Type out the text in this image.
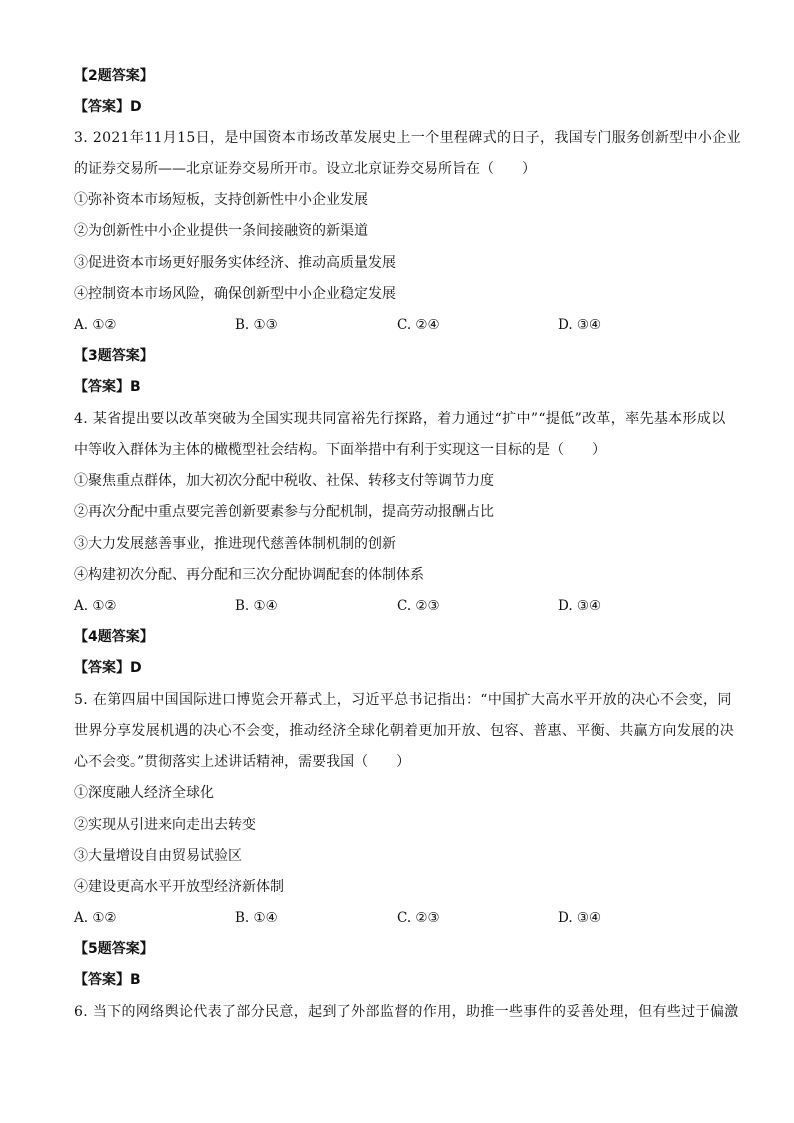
【2题答案】
【答案】D
3. 2021年11月15日，是中国资本市场改革发展史上一个里程碑式的日子，我国专门服务创新型中小企业
的证券交易所——北京证券交易所开市。设立北京证券交易所旨在（　　）
①弥补资本市场短板，支持创新性中小企业发展
②为创新性中小企业提供一条间接融资的新渠道
③促进资本市场更好服务实体经济、推动高质量发展
④控制资本市场风险，确保创新型中小企业稳定发展
A. ①②	B. ①③	C. ②④	D. ③④
【3题答案】
【答案】B
4. 某省提出要以改革突破为全国实现共同富裕先行探路，着力通过“扩中”“提低”改革，率先基本形成以
中等收入群体为主体的橄榄型社会结构。下面举措中有利于实现这一目标的是（　　）
①聚焦重点群体，加大初次分配中税收、社保、转移支付等调节力度
②再次分配中重点要完善创新要素参与分配机制，提高劳动报酬占比
③大力发展慈善事业，推进现代慈善体制机制的创新
④构建初次分配、再分配和三次分配协调配套的体制体系
A. ①②	B. ①④	C. ②③	D. ③④
【4题答案】
【答案】D
5. 在第四届中国国际进口博览会开幕式上，习近平总书记指出：“中国扩大高水平开放的决心不会变，同
世界分享发展机遇的决心不会变，推动经济全球化朝着更加开放、包容、普惠、平衡、共赢方向发展的决
心不会变。”贯彻落实上述讲话精神，需要我国（　　）
①深度融人经济全球化
②实现从引进来向走出去转变
③大量增设自由贸易试验区
④建设更高水平开放型经济新体制
A. ①②	B. ①④	C. ②③	D. ③④
【5题答案】
【答案】B
6. 当下的网络舆论代表了部分民意，起到了外部监督的作用，助推一些事件的妥善处理，但有些过于偏激
